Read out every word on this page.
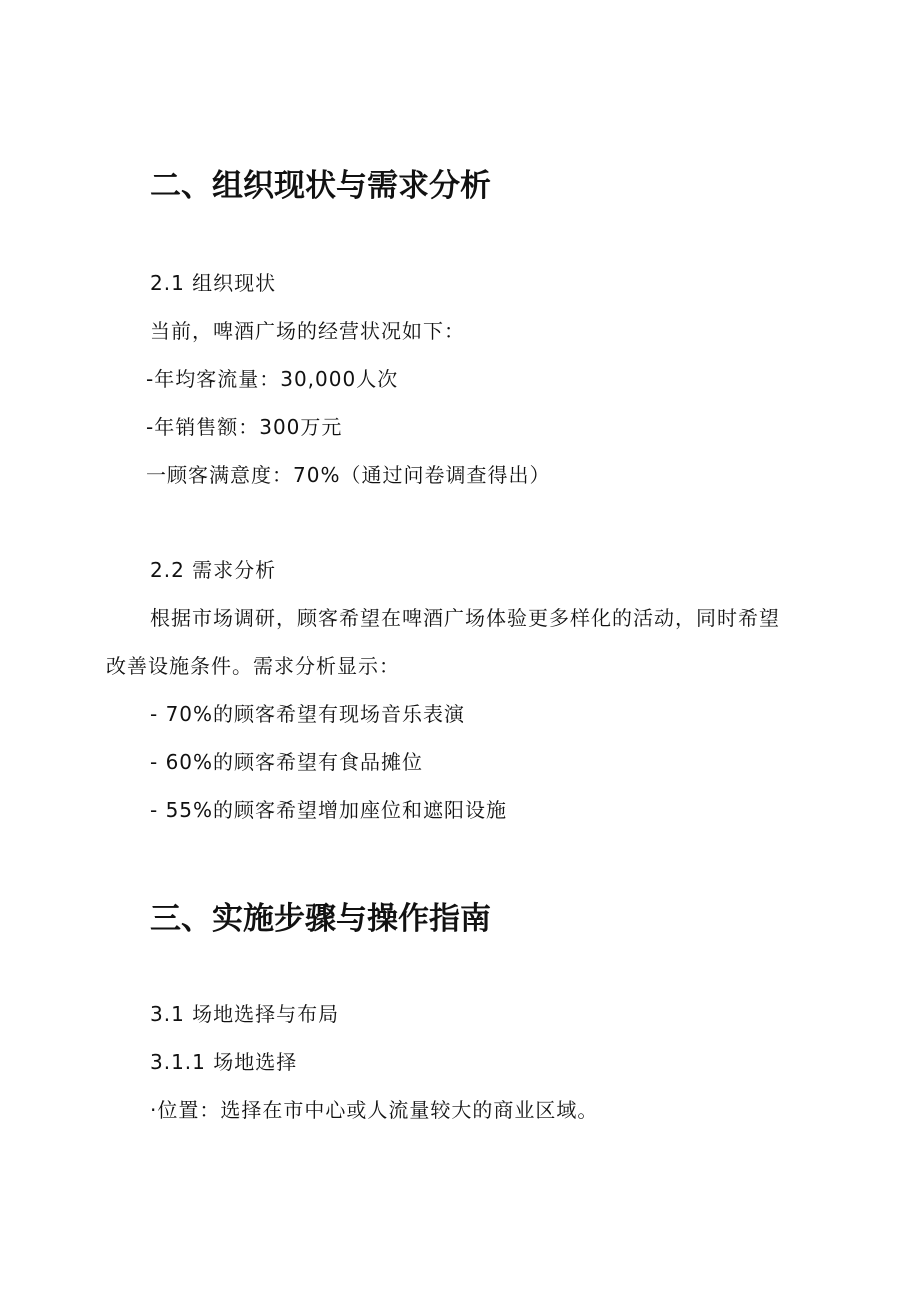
二、组织现状与需求分析
2.1 组织现状
当前，啤酒广场的经营状况如下：
-年均客流量：30,000人次
-年销售额：300万元
一顾客满意度：70%（通过问卷调查得出）
2.2 需求分析
根据市场调研，顾客希望在啤酒广场体验更多样化的活动，同时希望
改善设施条件。需求分析显示：
- 70%的顾客希望有现场音乐表演
- 60%的顾客希望有食品摊位
- 55%的顾客希望增加座位和遮阳设施
三、实施步骤与操作指南
3.1 场地选择与布局
3.1.1 场地选择
·位置：选择在市中心或人流量较大的商业区域。
